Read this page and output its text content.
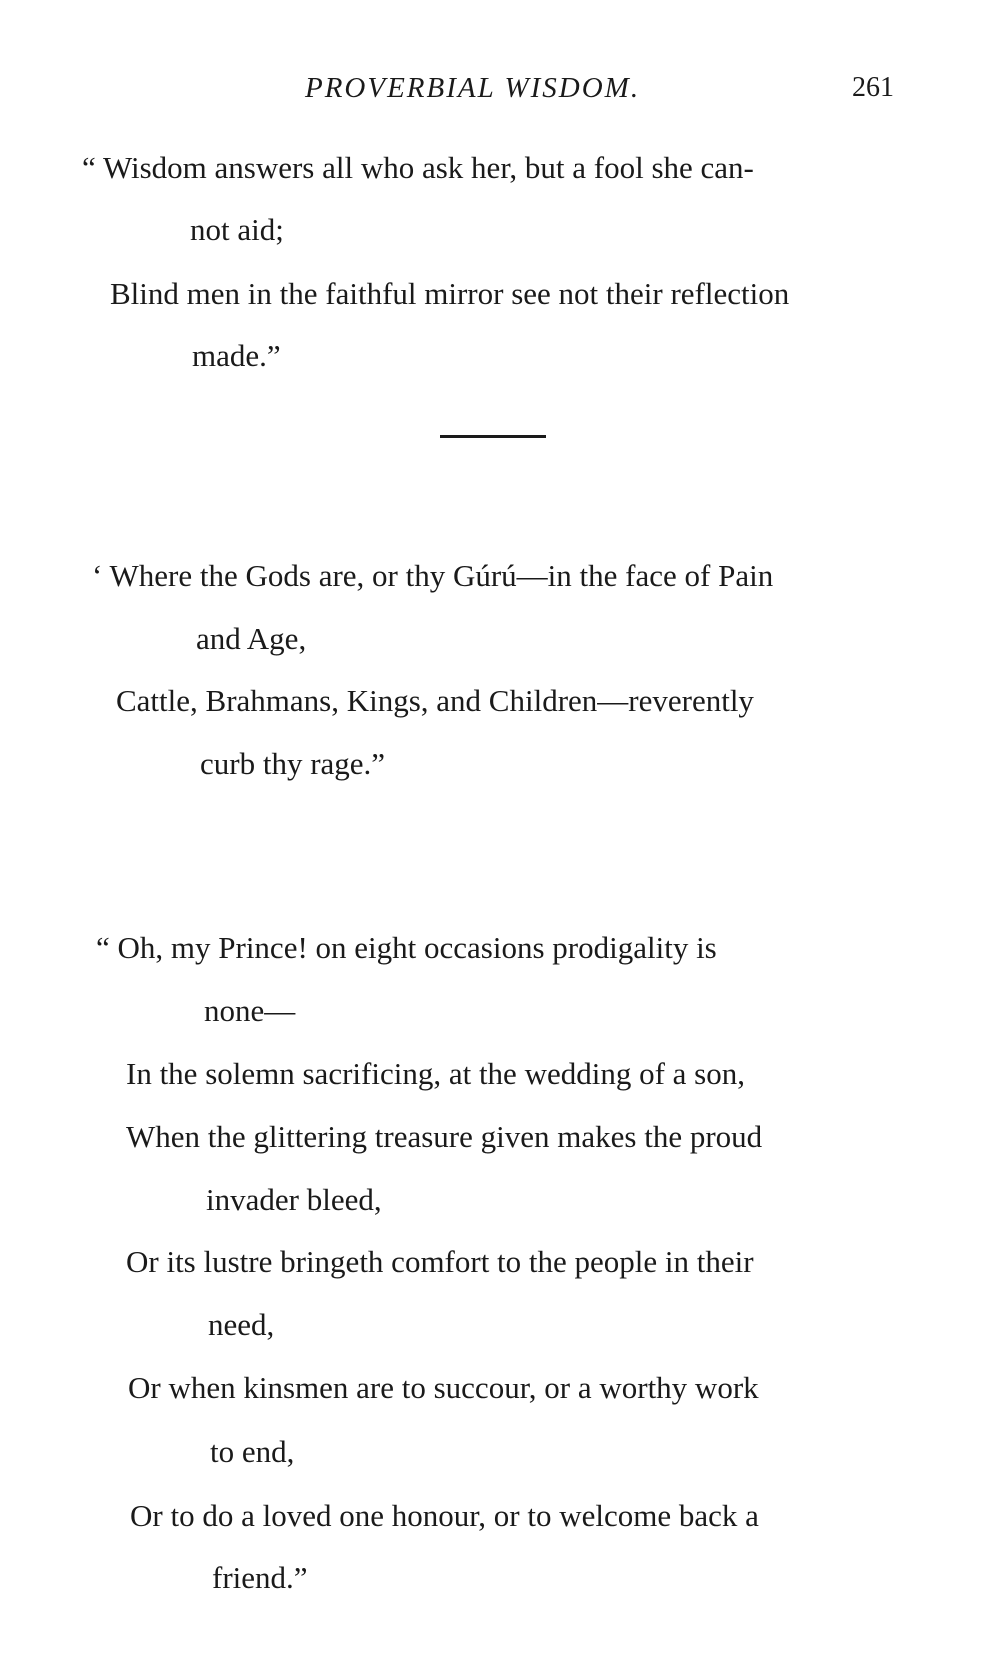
PROVERBIAL WISDOM.	261
“ Wisdom answers all who ask her, but a fool she can-
not aid;
Blind men in the faithful mirror see not their reflection
made.”
‘ Where the Gods are, or thy Gúrú—in the face of Pain
and Age,
Cattle, Brahmans, Kings, and Children—reverently
curb thy rage.”
“ Oh, my Prince! on eight occasions prodigality is
none—
In the solemn sacrificing, at the wedding of a son,
When the glittering treasure given makes the proud
invader bleed,
Or its lustre bringeth comfort to the people in their
need,
Or when kinsmen are to succour, or a worthy work
to end,
Or to do a loved one honour, or to welcome back a
friend.”
